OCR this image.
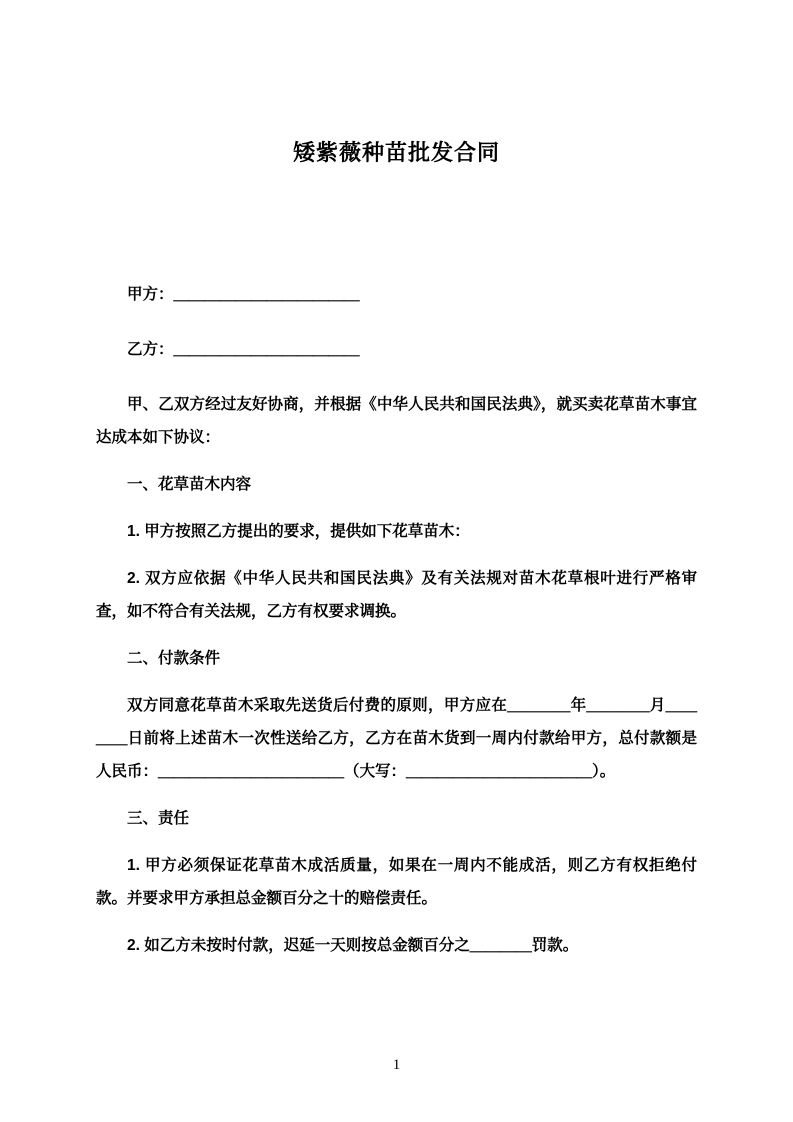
矮紫薇种苗批发合同

甲方：＿＿＿＿＿＿＿＿＿＿＿＿

乙方：＿＿＿＿＿＿＿＿＿＿＿＿

甲、乙双方经过友好协商，并根据《中华人民共和国民法典》，就买卖花草苗木事宜达成本如下协议：

一、花草苗木内容

1. 甲方按照乙方提出的要求，提供如下花草苗木：

2. 双方应依据《中华人民共和国民法典》及有关法规对苗木花草根叶进行严格审查，如不符合有关法规，乙方有权要求调换。

二、付款条件

双方同意花草苗木采取先送货后付费的原则，甲方应在＿＿＿＿年＿＿＿＿月＿＿＿＿日前将上述苗木一次性送给乙方，乙方在苗木货到一周内付款给甲方，总付款额是人民币：＿＿＿＿＿＿＿＿＿＿＿＿（大写：＿＿＿＿＿＿＿＿＿＿＿＿）。

三、责任

1. 甲方必须保证花草苗木成活质量，如果在一周内不能成活，则乙方有权拒绝付款。并要求甲方承担总金额百分之十的赔偿责任。

2. 如乙方未按时付款，迟延一天则按总金额百分之＿＿＿＿罚款。

1
